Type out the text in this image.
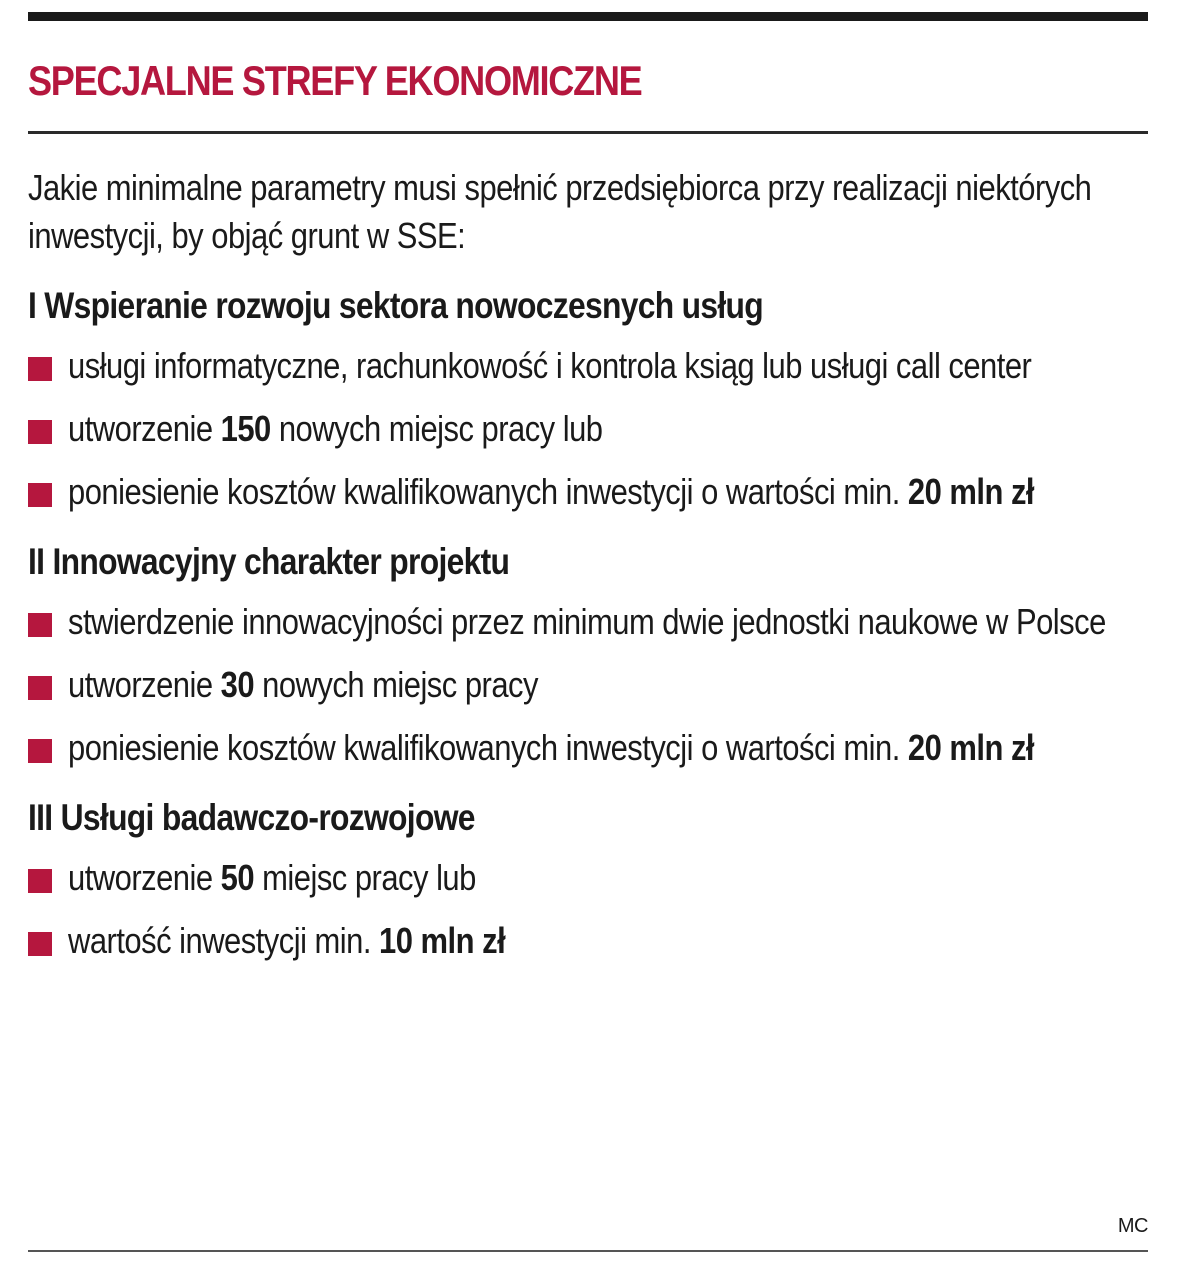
SPECJALNE STREFY EKONOMICZNE
Jakie minimalne parametry musi spełnić przedsiębiorca przy realizacji niektórych inwestycji, by objąć grunt w SSE:
I Wspieranie rozwoju sektora nowoczesnych usług
usługi informatyczne, rachunkowość i kontrola ksiąg lub usługi call center
utworzenie 150 nowych miejsc pracy lub
poniesienie kosztów kwalifikowanych inwestycji o wartości min. 20 mln zł
II Innowacyjny charakter projektu
stwierdzenie innowacyjności przez minimum dwie jednostki naukowe w Polsce
utworzenie 30 nowych miejsc pracy
poniesienie kosztów kwalifikowanych inwestycji o wartości min. 20 mln zł
III Usługi badawczo-rozwojowe
utworzenie 50 miejsc pracy lub
wartość inwestycji min. 10 mln zł
MC
